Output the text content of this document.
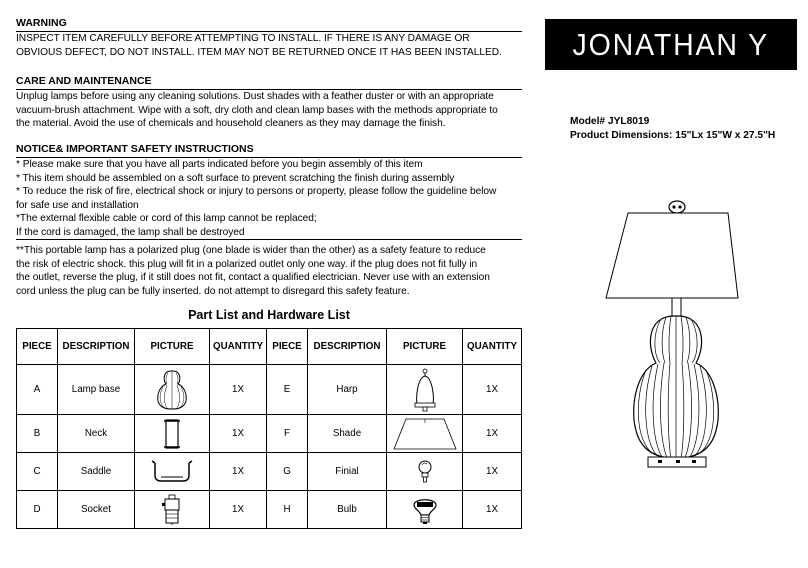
WARNING
INSPECT ITEM CAREFULLY BEFORE ATTEMPTING TO INSTALL. IF THERE IS ANY DAMAGE OR
OBVIOUS DEFECT, DO NOT INSTALL. ITEM MAY NOT BE RETURNED ONCE IT HAS BEEN INSTALLED.
CARE AND MAINTENANCE
Unplug lamps before using any cleaning solutions. Dust shades with a feather duster or with an appropriate
vacuum-brush attachment. Wipe with a soft, dry cloth and clean lamp bases with the methods appropriate to
the material. Avoid the use of chemicals and household cleaners as they may damage the finish.
NOTICE& IMPORTANT SAFETY INSTRUCTIONS
* Please make sure that you have all parts indicated before you begin assembly of this item
* This item should be assembled on a soft surface to prevent scratching the finish during assembly
* To reduce the risk of fire, electrical shock or injury to persons or property, please follow the guideline below
for safe use and installation
*The external flexible cable or cord of this lamp cannot be replaced;
If the cord is damaged, the lamp shall be destroyed
**This portable lamp has a polarized plug (one blade is wider than the other) as a safety feature to reduce
the risk of electric shock. this plug will fit in a polarized outlet only one way. if the plug does not fit fully in
the outlet, reverse the plug, if it still does not fit, contact a qualified electrician. Never use with an extension
cord unless the plug can be fully inserted. do not attempt to disregard this safety feature.
JONATHAN Y
Model# JYL8019
Product Dimensions: 15"Lx 15"W x 27.5"H
Part List and Hardware List
PIECE	DESCRIPTION	PICTURE	QUANTITY	PIECE	DESCRIPTION	PICTURE	QUANTITY
A	Lamp base		1X	E	Harp		1X
B	Neck		1X	F	Shade		1X
C	Saddle		1X	G	Finial		1X
D	Socket		1X	H	Bulb		1X
